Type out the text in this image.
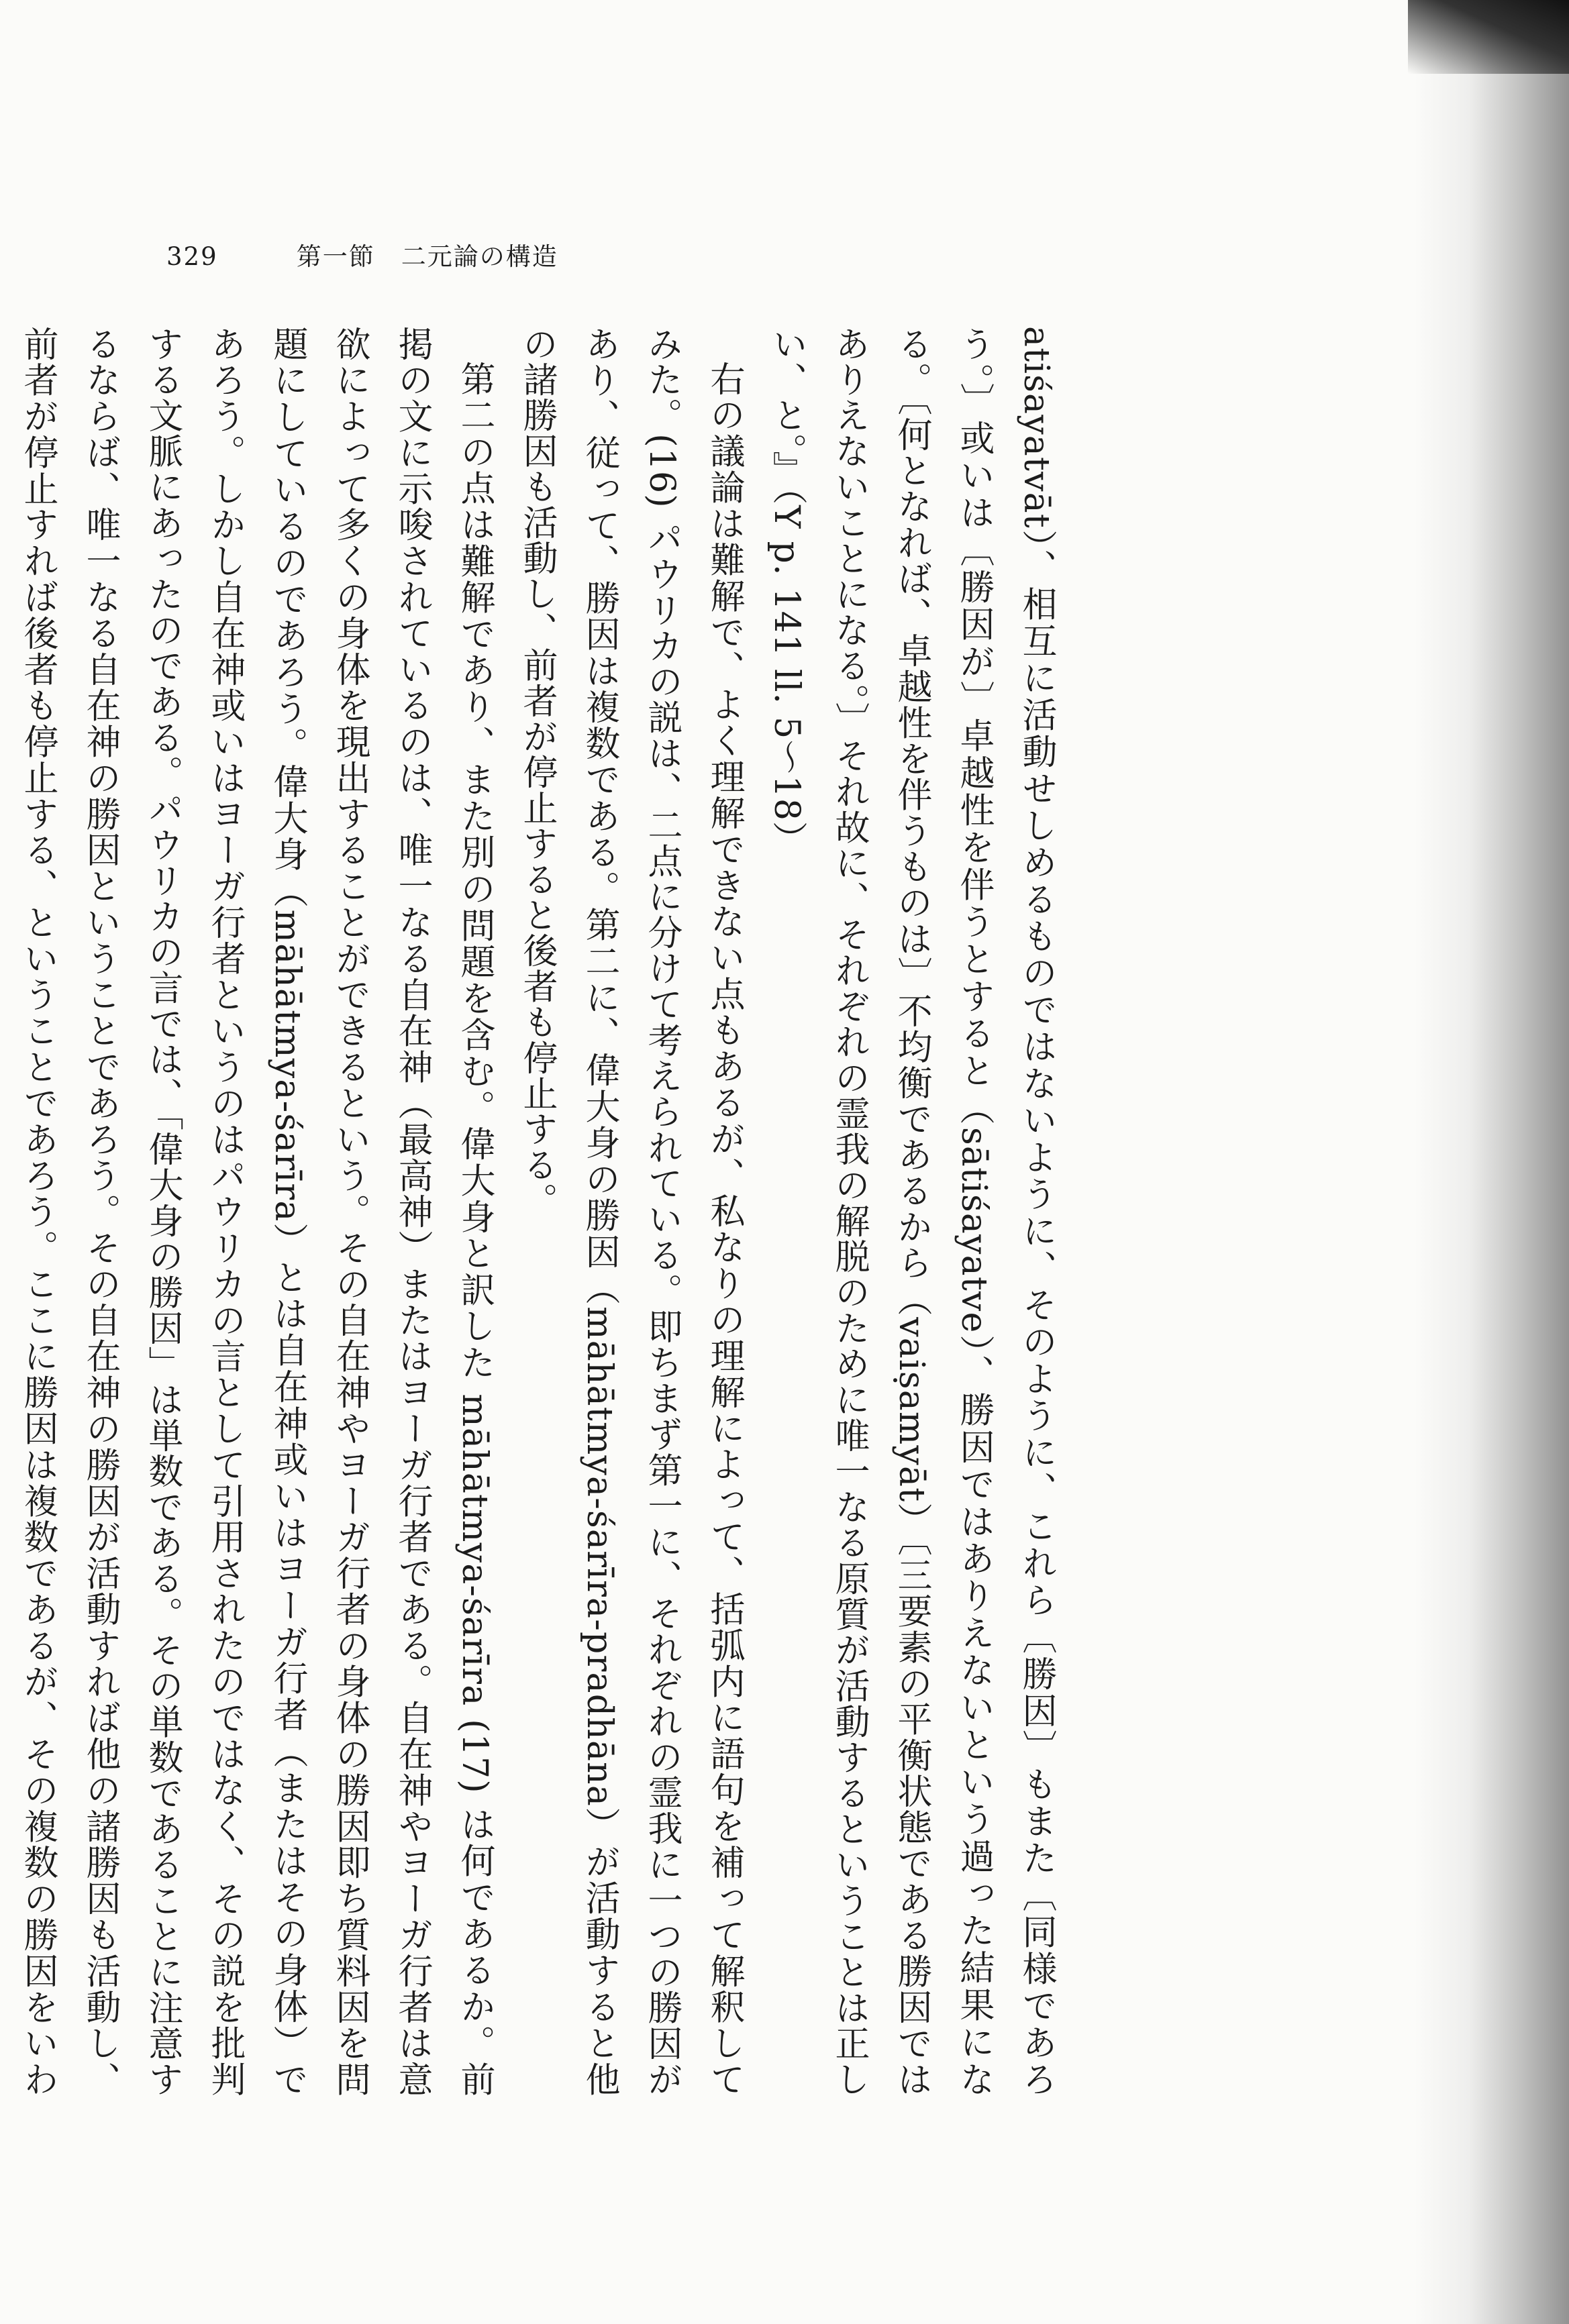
329	第一節　二元論の構造

atiśayatvāt）、相互に活動せしめるものではないように、そのように、これら〔勝因〕もまた〔同様であろう。〕或いは〔勝因が〕卓越性を伴うとすると（sātiśayatve）、勝因ではありえないという過った結果になる。〔何となれば、卓越性を伴うものは〕不均衡であるから（vaiṣamyāt）〔三要素の平衡状態である勝因ではありえないことになる。〕それ故に、それぞれの霊我の解脱のために唯一なる原質が活動するということは正しい、と。』（Y p. 141 ll. 5～18）

右の議論は難解で、よく理解できない点もあるが、私なりの理解によって、括弧内に語句を補って解釈してみた。(16) パウリカの説は、二点に分けて考えられている。即ちまず第一に、それぞれの霊我に一つの勝因があり、従って、勝因は複数である。第二に、偉大身の勝因（māhātmya-śarīra-pradhāna）が活動すると他の諸勝因も活動し、前者が停止すると後者も停止する。

第二の点は難解であり、また別の問題を含む。偉大身と訳した māhātmya-śarīra (17) は何であるか。前掲の文に示唆されているのは、唯一なる自在神（最高神）またはヨーガ行者である。自在神やヨーガ行者は意欲によって多くの身体を現出することができるという。その自在神やヨーガ行者の身体の勝因即ち質料因を問題にしているのであろう。偉大身（māhātmya-śarīra）とは自在神或いはヨーガ行者（またはその身体）であろう。しかし自在神或いはヨーガ行者というのはパウリカの言として引用されたのではなく、その説を批判する文脈にあったのである。パウリカの言では、「偉大身の勝因」は単数である。その単数であることに注意するならば、唯一なる自在神の勝因ということであろう。その自在神の勝因が活動すれば他の諸勝因も活動し、前者が停止すれば後者も停止する、ということであろう。ここに勝因は複数であるが、その複数の勝因をいわ
